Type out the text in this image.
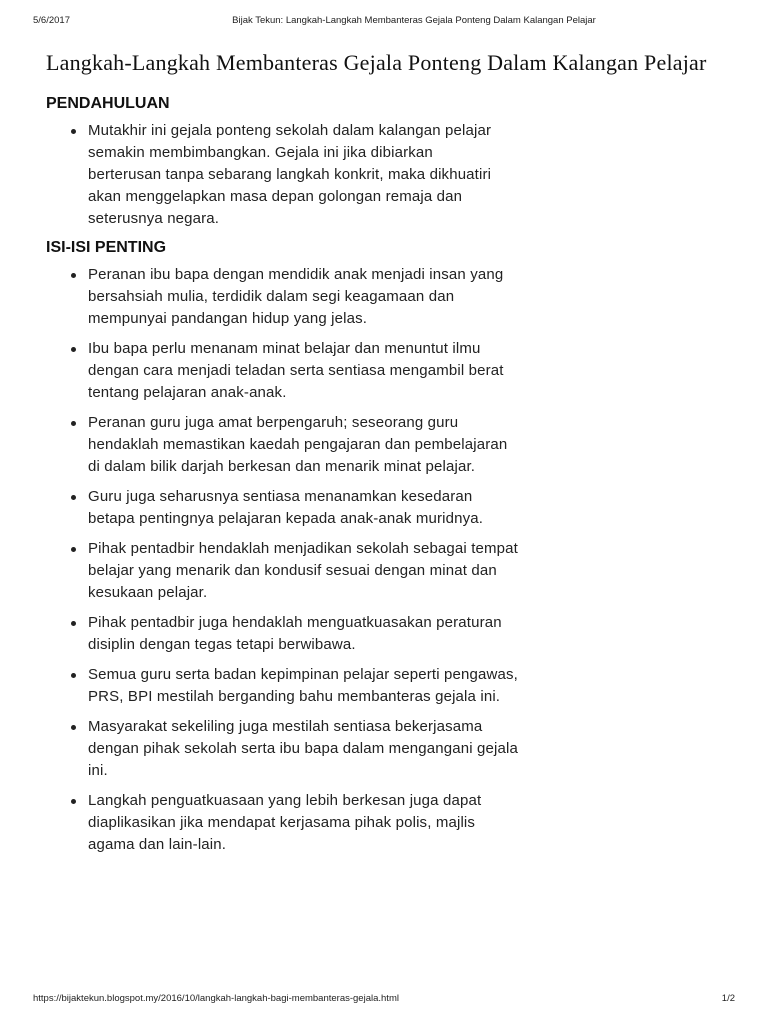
5/6/2017	Bijak Tekun: Langkah-Langkah Membanteras Gejala Ponteng Dalam Kalangan Pelajar
Langkah-Langkah Membanteras Gejala Ponteng Dalam Kalangan Pelajar
PENDAHULUAN
Mutakhir ini gejala ponteng sekolah dalam kalangan pelajar semakin membimbangkan. Gejala ini jika dibiarkan berterusan tanpa sebarang langkah konkrit, maka dikhuatiri akan menggelapkan masa depan golongan remaja dan seterusnya negara.
ISI-ISI PENTING
Peranan ibu bapa dengan mendidik anak menjadi insan yang bersahsiah mulia, terdidik dalam segi keagamaan dan mempunyai pandangan hidup yang jelas.
Ibu bapa perlu menanam minat belajar dan menuntut ilmu dengan cara menjadi teladan serta sentiasa mengambil berat tentang pelajaran anak-anak.
Peranan guru juga amat berpengaruh; seseorang guru hendaklah memastikan kaedah pengajaran dan pembelajaran di dalam bilik darjah berkesan dan menarik minat pelajar.
Guru juga seharusnya sentiasa menanamkan kesedaran betapa pentingnya pelajaran kepada anak-anak muridnya.
Pihak pentadbir hendaklah menjadikan sekolah sebagai tempat belajar yang menarik dan kondusif sesuai dengan minat dan kesukaan pelajar.
Pihak pentadbir juga hendaklah menguatkuasakan peraturan disiplin dengan tegas tetapi berwibawa.
Semua guru serta badan kepimpinan pelajar seperti pengawas, PRS, BPI mestilah berganding bahu membanteras gejala ini.
Masyarakat sekeliling juga mestilah sentiasa bekerjasama dengan pihak sekolah serta ibu bapa dalam mengangani gejala ini.
Langkah penguatkuasaan yang lebih berkesan juga dapat diaplikasikan jika mendapat kerjasama pihak polis, majlis agama dan lain-lain.
https://bijaktekun.blogspot.my/2016/10/langkah-langkah-bagi-membanteras-gejala.html	1/2
